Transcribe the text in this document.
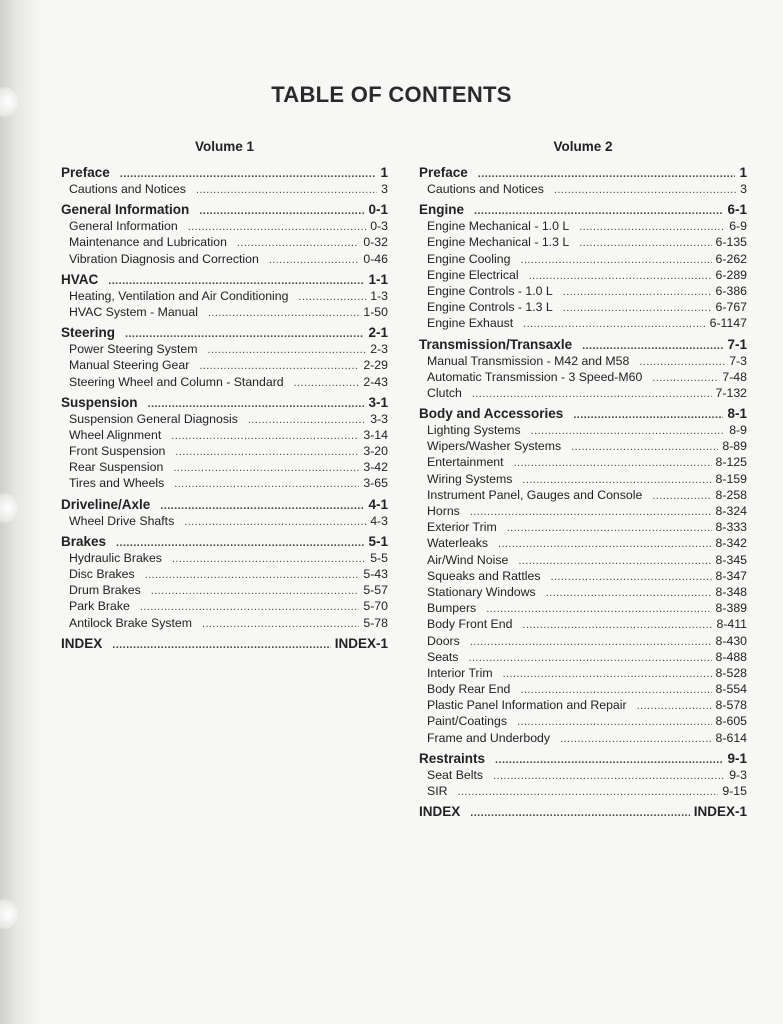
TABLE OF CONTENTS
Volume 1
Preface .....	1
Cautions and Notices .....	3
General Information .....	0-1
General Information .....	0-3
Maintenance and Lubrication .....	0-32
Vibration Diagnosis and Correction .....	0-46
HVAC .....	1-1
Heating, Ventilation and Air Conditioning .....	1-3
HVAC System - Manual .....	1-50
Steering .....	2-1
Power Steering System .....	2-3
Manual Steering Gear .....	2-29
Steering Wheel and Column - Standard .....	2-43
Suspension .....	3-1
Suspension General Diagnosis .....	3-3
Wheel Alignment .....	3-14
Front Suspension .....	3-20
Rear Suspension .....	3-42
Tires and Wheels .....	3-65
Driveline/Axle .....	4-1
Wheel Drive Shafts .....	4-3
Brakes .....	5-1
Hydraulic Brakes .....	5-5
Disc Brakes .....	5-43
Drum Brakes .....	5-57
Park Brake .....	5-70
Antilock Brake System .....	5-78
INDEX .....	INDEX-1
Volume 2
Preface .....	1
Cautions and Notices .....	3
Engine .....	6-1
Engine Mechanical - 1.0 L .....	6-9
Engine Mechanical - 1.3 L .....	6-135
Engine Cooling .....	6-262
Engine Electrical .....	6-289
Engine Controls - 1.0 L .....	6-386
Engine Controls - 1.3 L .....	6-767
Engine Exhaust .....	6-1147
Transmission/Transaxle .....	7-1
Manual Transmission - M42 and M58 .....	7-3
Automatic Transmission - 3 Speed-M60 .....	7-48
Clutch .....	7-132
Body and Accessories .....	8-1
Lighting Systems .....	8-9
Wipers/Washer Systems .....	8-89
Entertainment .....	8-125
Wiring Systems .....	8-159
Instrument Panel, Gauges and Console .....	8-258
Horns .....	8-324
Exterior Trim .....	8-333
Waterleaks .....	8-342
Air/Wind Noise .....	8-345
Squeaks and Rattles .....	8-347
Stationary Windows .....	8-348
Bumpers .....	8-389
Body Front End .....	8-411
Doors .....	8-430
Seats .....	8-488
Interior Trim .....	8-528
Body Rear End .....	8-554
Plastic Panel Information and Repair .....	8-578
Paint/Coatings .....	8-605
Frame and Underbody .....	8-614
Restraints .....	9-1
Seat Belts .....	9-3
SIR .....	9-15
INDEX .....	INDEX-1
